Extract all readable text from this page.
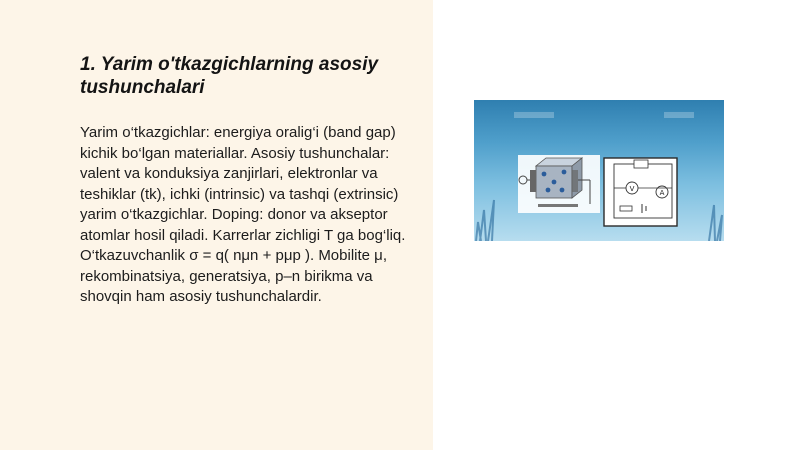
1. Yarim o'tkazgichlarning asosiy tushunchalari

Yarim o‘tkazgichlar: energiya oralig‘i (band gap) kichik bo‘lgan materiallar. Asosiy tushunchalar: valent va konduksiya zanjirlari, elektronlar va teshiklar (tk), ichki (intrinsic) va tashqi (extrinsic) yarim o‘tkazgichlar. Doping: donor va akseptor atomlar hosil qiladi. Karrerlar zichligi T ga bog‘liq. O‘tkazuvchanlik σ = q( nμn + pμp ). Mobilite μ, rekombinatsiya, generatsiya, p–n birikma va shovqin ham asosiy tushunchalardir.

V	A
